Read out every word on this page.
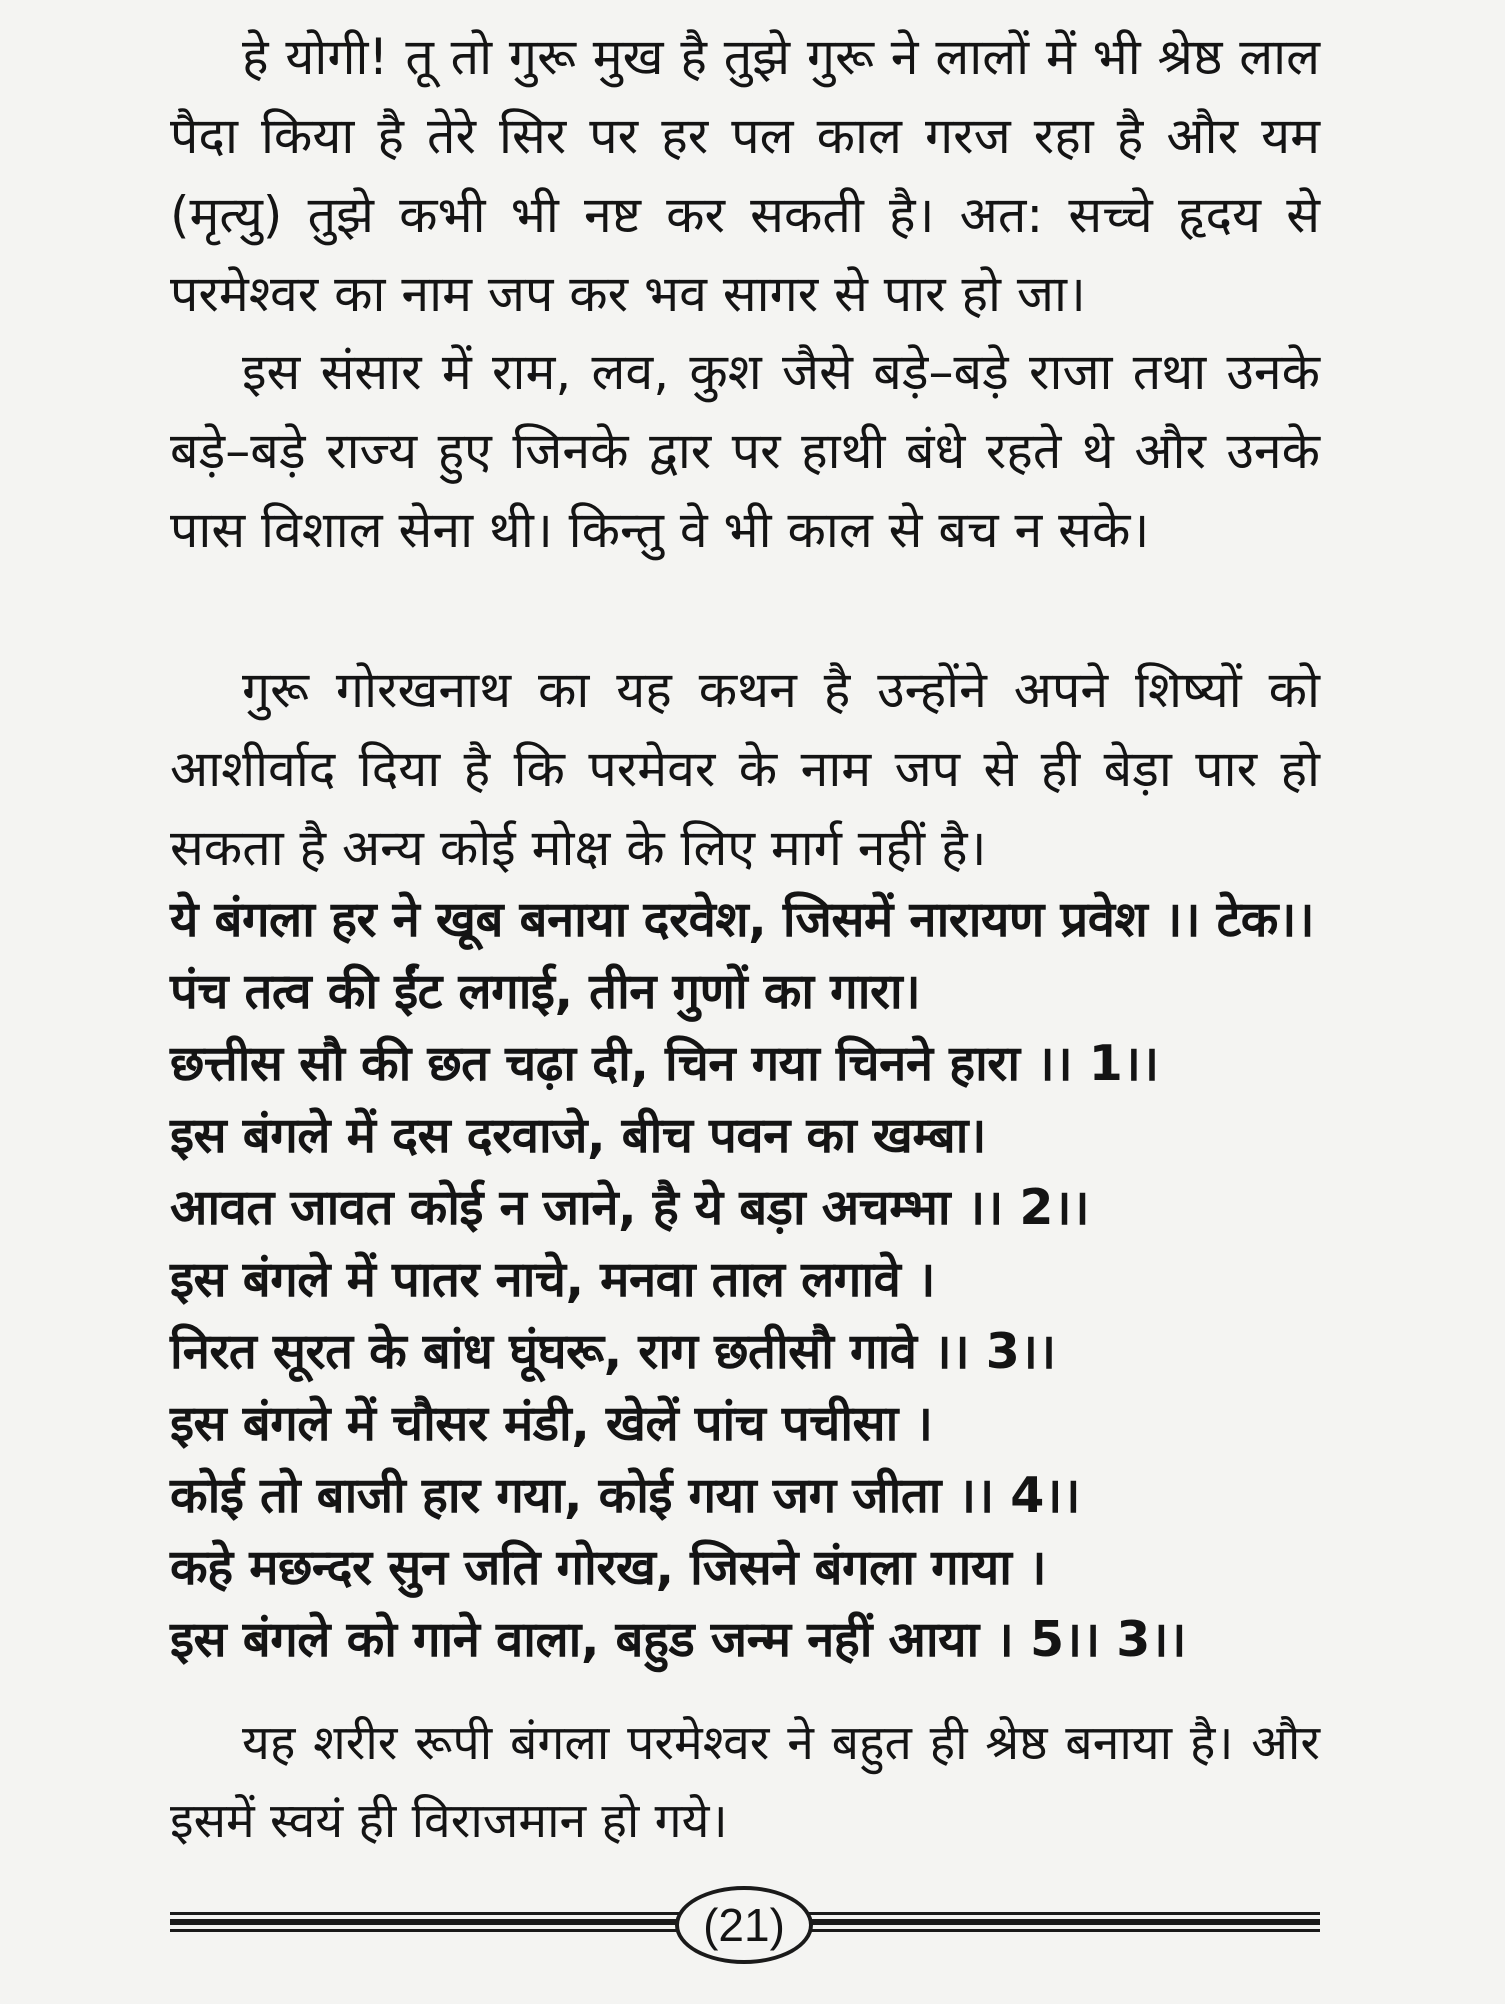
हे योगी! तू तो गुरू मुख है तुझे गुरू ने लालों में भी श्रेष्ठ लाल पैदा किया है तेरे सिर पर हर पल काल गरज रहा है और यम (मृत्यु) तुझे कभी भी नष्ट कर सकती है। अत: सच्चे हृदय से परमेश्वर का नाम जप कर भव सागर से पार हो जा।

इस संसार में राम, लव, कुश जैसे बड़े–बड़े राजा तथा उनके बड़े–बड़े राज्य हुए जिनके द्वार पर हाथी बंधे रहते थे और उनके पास विशाल सेना थी। किन्तु वे भी काल से बच न सके।

गुरू गोरखनाथ का यह कथन है उन्होंने अपने शिष्यों को आशीर्वाद दिया है कि परमेवर के नाम जप से ही बेड़ा पार हो सकता है अन्य कोई मोक्ष के लिए मार्ग नहीं है।

ये बंगला हर ने खूब बनाया दरवेश, जिसमें नारायण प्रवेश ।। टेक।।
पंच तत्व की ईंट लगाई, तीन गुणों का गारा।
छत्तीस सौ की छत चढ़ा दी, चिन गया चिनने हारा ।। 1।।
इस बंगले में दस दरवाजे, बीच पवन का खम्बा।
आवत जावत कोई न जाने, है ये बड़ा अचम्भा ।। 2।।
इस बंगले में पातर नाचे, मनवा ताल लगावे ।
निरत सूरत के बांध घूंघरू, राग छतीसौ गावे ।। 3।।
इस बंगले में चौसर मंडी, खेलें पांच पचीसा ।
कोई तो बाजी हार गया, कोई गया जग जीता ।। 4।।
कहे मछन्दर सुन जति गोरख, जिसने बंगला गाया ।
इस बंगले को गाने वाला, बहुड जन्म नहीं आया । 5।। 3।।

यह शरीर रूपी बंगला परमेश्वर ने बहुत ही श्रेष्ठ बनाया है। और इसमें स्वयं ही विराजमान हो गये।

(21)
